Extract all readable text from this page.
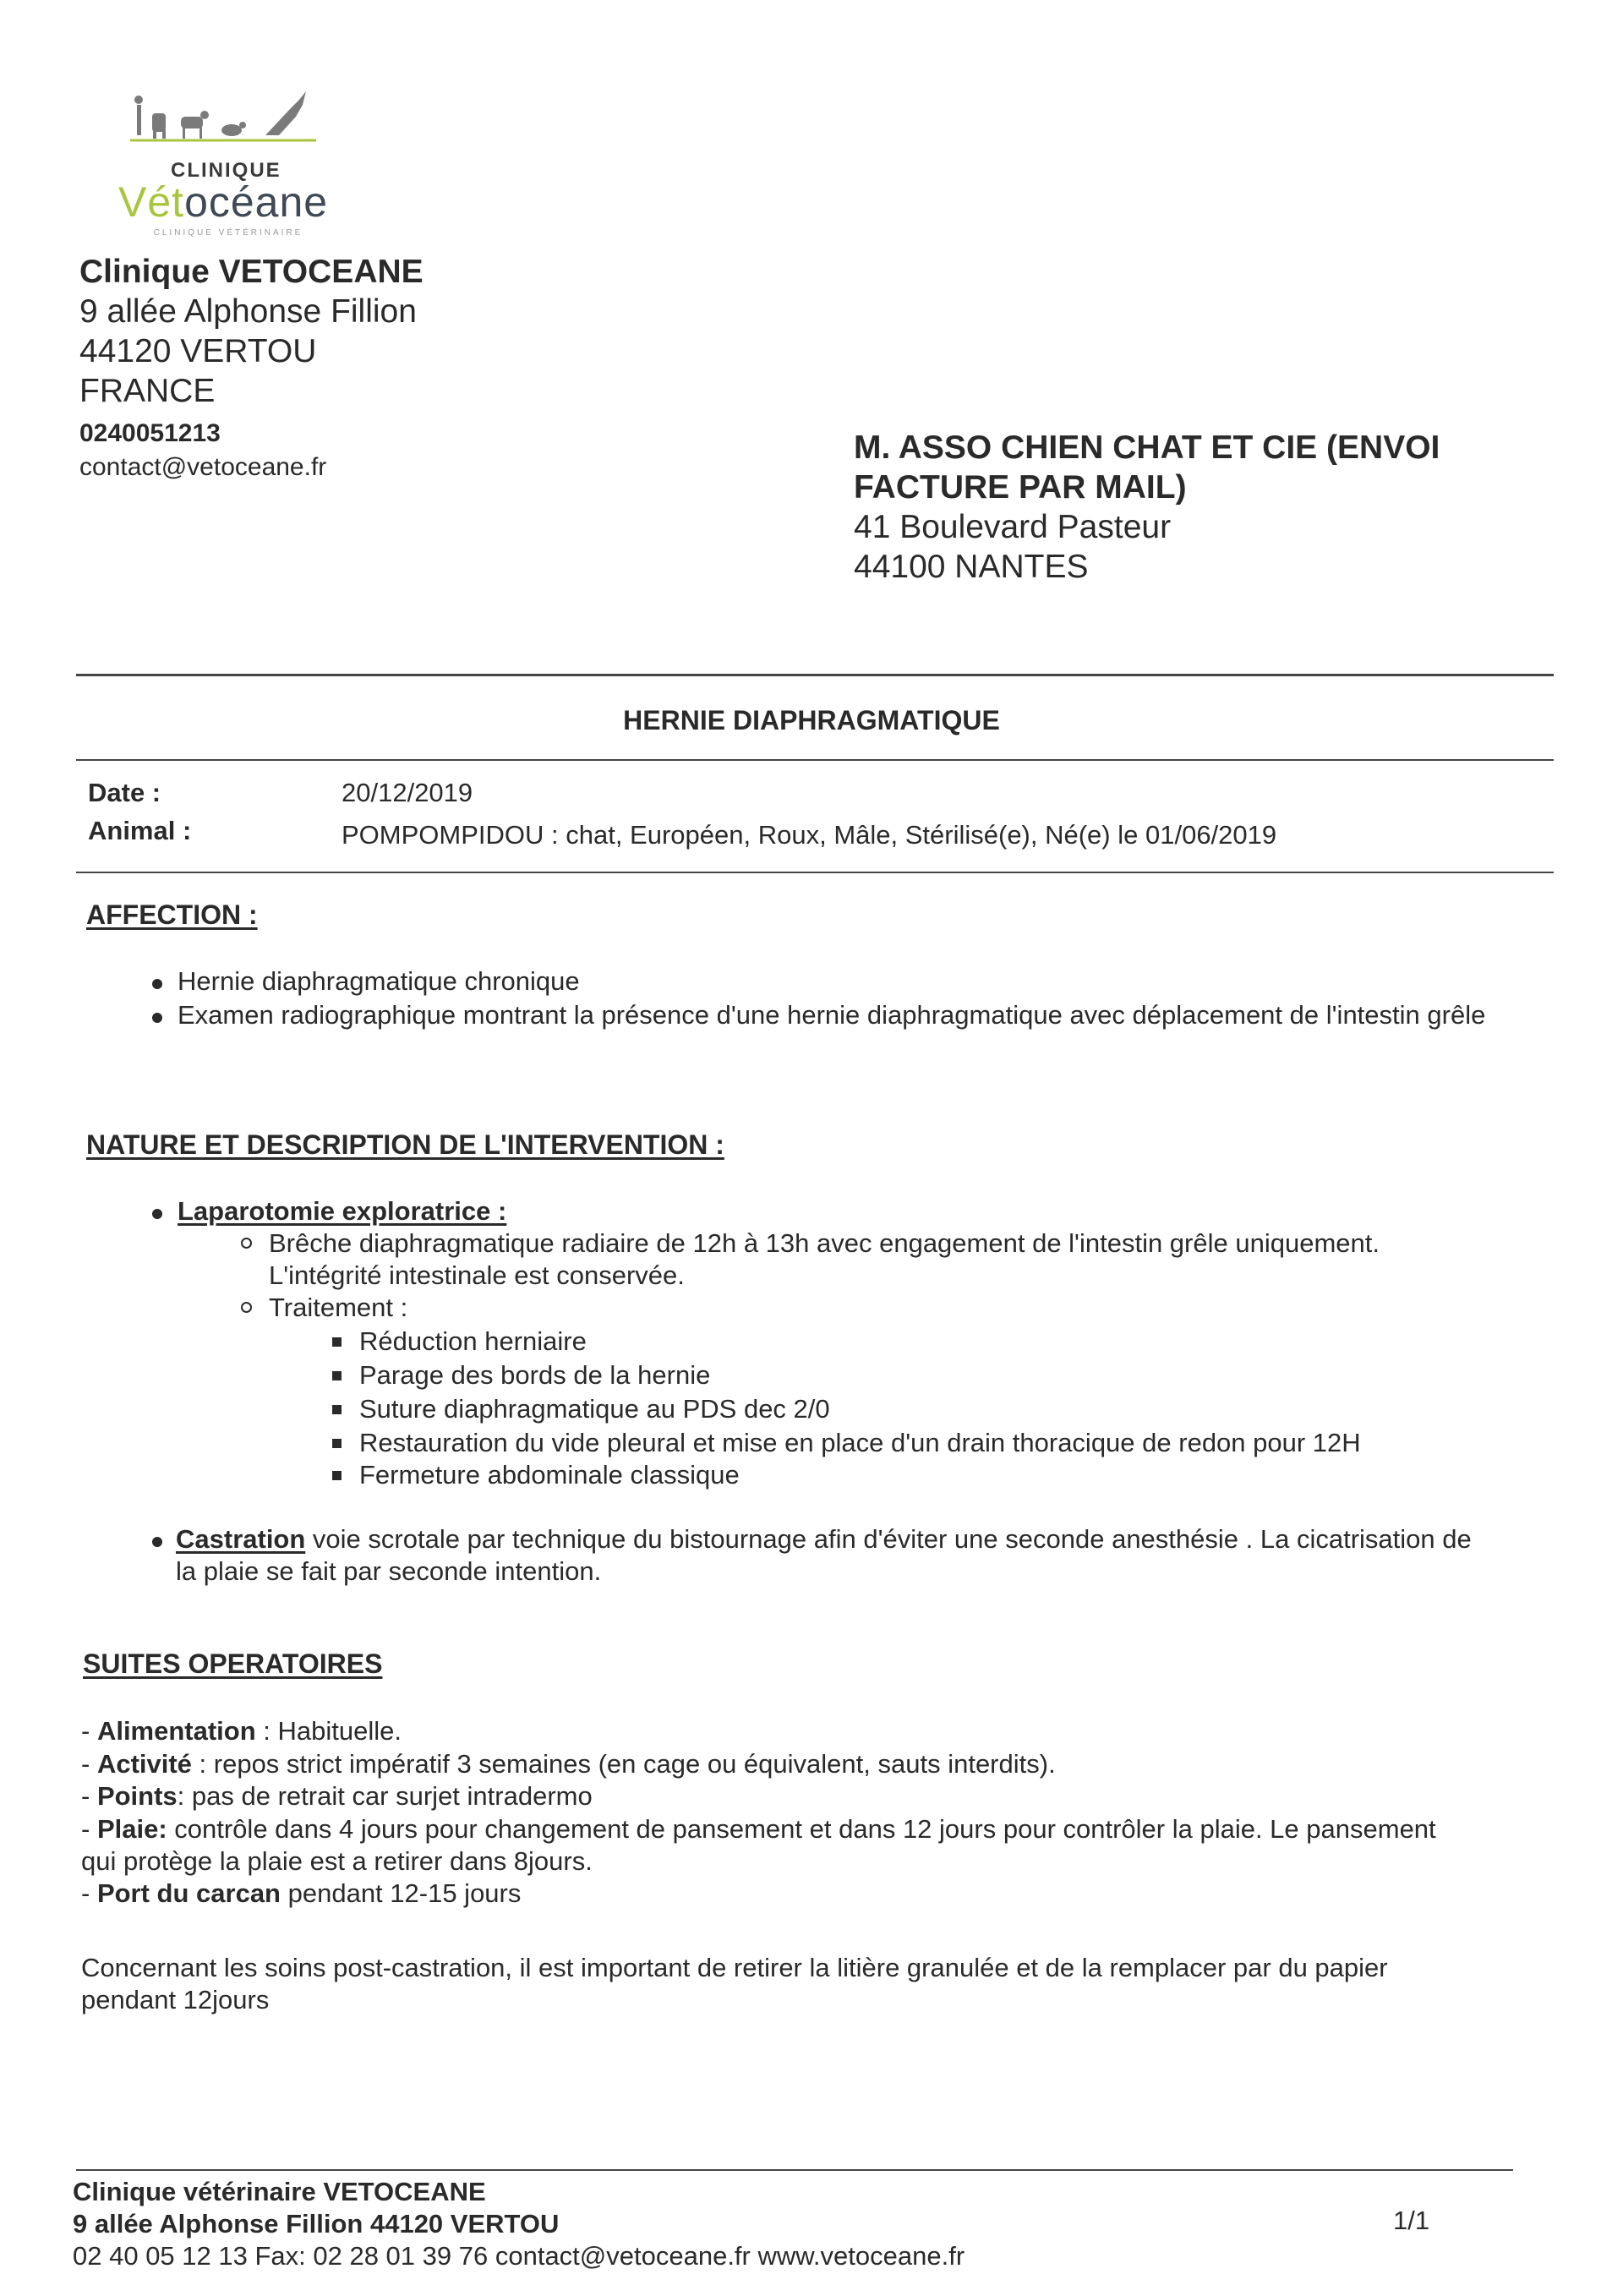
CLINIQUE
Vétocéane
CLINIQUE VÉTÉRINAIRE
Clinique VETOCEANE
9 allée Alphonse Fillion
44120 VERTOU
FRANCE
0240051213
contact@vetoceane.fr
M. ASSO CHIEN CHAT ET CIE (ENVOI
FACTURE PAR MAIL)
41 Boulevard Pasteur
44100 NANTES
HERNIE DIAPHRAGMATIQUE
Date :	20/12/2019
Animal :	POMPOMPIDOU : chat, Européen, Roux, Mâle, Stérilisé(e), Né(e) le 01/06/2019
AFFECTION :
Hernie diaphragmatique chronique
Examen radiographique montrant la présence d'une hernie diaphragmatique avec déplacement de l'intestin grêle
NATURE ET DESCRIPTION DE L'INTERVENTION :
Laparotomie exploratrice :
Brêche diaphragmatique radiaire de 12h à 13h avec engagement de l'intestin grêle uniquement.
L'intégrité intestinale est conservée.
Traitement :
Réduction herniaire
Parage des bords de la hernie
Suture diaphragmatique au PDS dec 2/0
Restauration du vide pleural et mise en place d'un drain thoracique de redon pour 12H
Fermeture abdominale classique
Castration voie scrotale par technique du bistournage afin d'éviter une seconde anesthésie . La cicatrisation de
la plaie se fait par seconde intention.
SUITES OPERATOIRES
- Alimentation : Habituelle.
- Activité : repos strict impératif 3 semaines (en cage ou équivalent, sauts interdits).
- Points: pas de retrait car surjet intradermo
- Plaie: contrôle dans 4 jours pour changement de pansement et dans 12 jours pour contrôler la plaie. Le pansement
qui protège la plaie est a retirer dans 8jours.
- Port du carcan pendant 12-15 jours
Concernant les soins post-castration, il est important de retirer la litière granulée et de la remplacer par du papier
pendant 12jours
Clinique vétérinaire VETOCEANE
9 allée Alphonse Fillion 44120 VERTOU
02 40 05 12 13 Fax: 02 28 01 39 76 contact@vetoceane.fr www.vetoceane.fr
1/1
